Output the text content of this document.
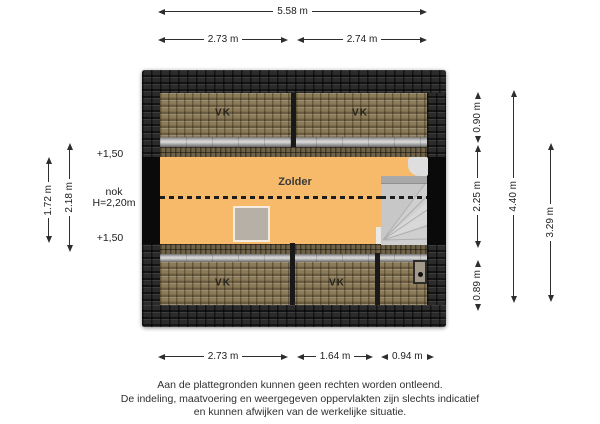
Zolder
VK	VK
VK	VK
5.58 m
2.73 m	2.74 m
2.73 m	1.64 m	0.94 m
1.72 m 2.18 m
+1,50
nok
H=2,20m
+1,50
0.90 m
2.25 m
0.89 m
4.40 m
3.29 m
Aan de plattegronden kunnen geen rechten worden ontleend.
De indeling, maatvoering en weergegeven oppervlakten zijn slechts indicatief
en kunnen afwijken van de werkelijke situatie.
